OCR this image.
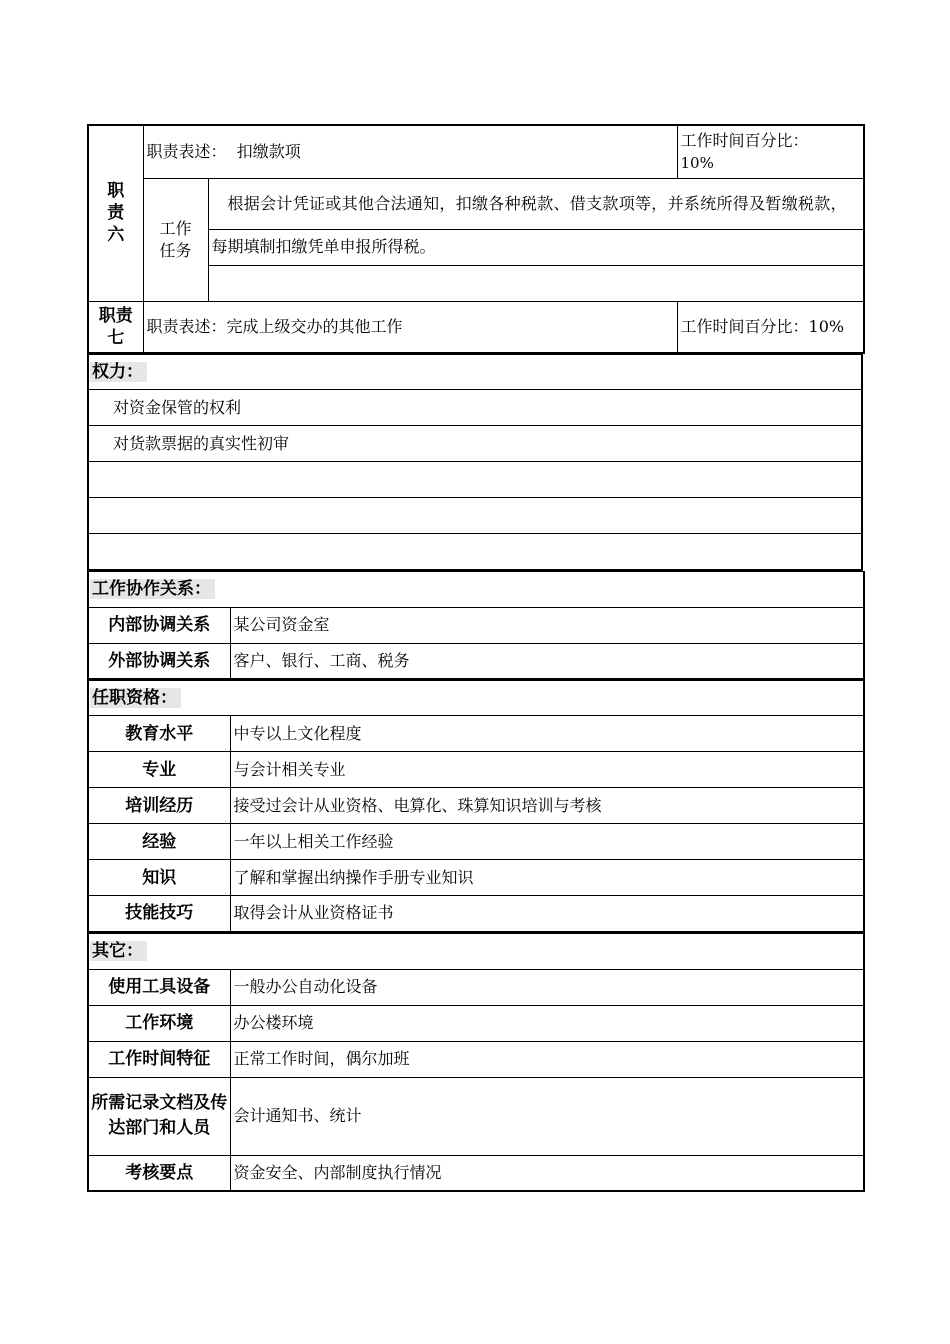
职责六	职责表述： 扣缴款项		工作时间百分比：
10%

	工作任务	根据会计凭证或其他合法通知，扣缴各种税款、借支款项等，并系统所得及暂缴税款，	
		每期填制扣缴凭单申报所得税。	

职责七	职责表述：完成上级交办的其他工作		工作时间百分比：10%
权力：
对资金保管的权利
对货款票据的真实性初审

工作协作关系：	
内部协调关系	某公司资金室
外部协调关系	客户、银行、工商、税务
任职资格：	
教育水平	中专以上文化程度
专业	与会计相关专业
培训经历	接受过会计从业资格、电算化、珠算知识培训与考核
经验	一年以上相关工作经验
知识	了解和掌握出纳操作手册专业知识
技能技巧	取得会计从业资格证书
其它：	
使用工具设备	一般办公自动化设备
工作环境	办公楼环境
工作时间特征	正常工作时间，偶尔加班
所需记录文档及传达部门和人员	会计通知书、统计
考核要点	资金安全、内部制度执行情况
